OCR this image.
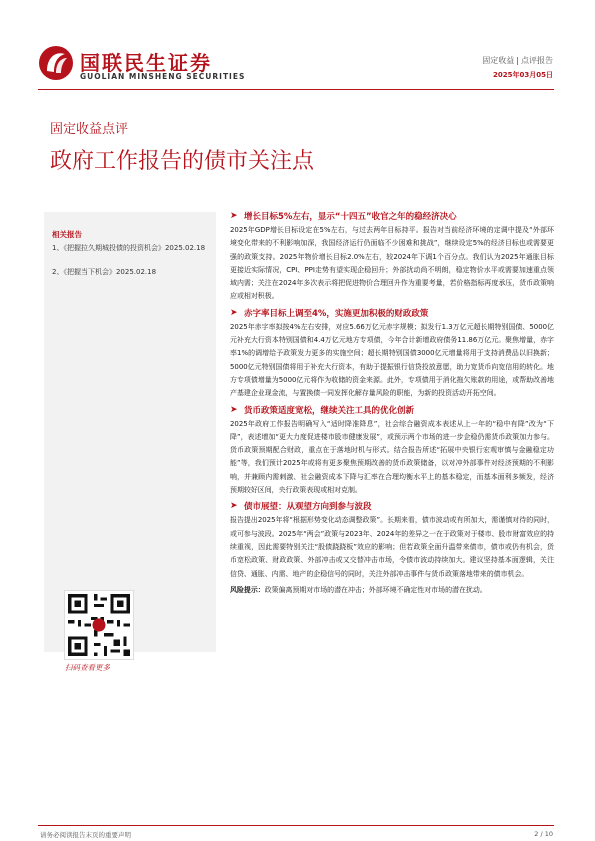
国联民生证券
GUOLIAN MINSHENG SECURITIES
固定收益 | 点评报告
2025年03月05日
固定收益点评
政府工作报告的债市关注点
相关报告
1、《把握拉久期城投债的投资机会》2025.02.18
2、《把握当下机会》2025.02.18
扫码查看更多
➤ 增长目标5%左右，显示“十四五”收官之年的稳经济决心
2025年GDP增长目标设定在5%左右，与过去两年目标持平。报告对当前经济环境的定调中提及“外部环境变化带来的不利影响加深，我国经济运行仍面临不少困难和挑战”，继续设定5%的经济目标也或需要更强的政策支持。2025年物价增长目标2.0%左右，较2024年下调1个百分点。我们认为2025年通胀目标更接近实际情况，CPI、PPI走势有望实现企稳回升；外部扰动尚不明朗，稳定物价水平或需要加速重点领域内需；关注在2024年多次表示将把促进物价合理回升作为重要考量，若价格指标再度承压，货币政策响应或相对积极。
➤ 赤字率目标上调至4%，实施更加积极的财政政策
2025年赤字率拟按4%左右安排，对应5.66万亿元赤字规模；拟发行1.3万亿元超长期特别国债、5000亿元补充大行资本特别国债和4.4万亿元地方专项债，今年合计新增政府债务11.86万亿元。聚焦增量，赤字率1%的调增给予政策发力更多的实施空间；超长期特别国债3000亿元增量将用于支持消费品以旧换新；5000亿元特别国债将用于补充大行资本，有助于提振银行信贷投放意愿，助力宽货币向宽信用的转化。地方专项债增量为5000亿元将作为收储的资金来源。此外，专项债用于消化拖欠账款的用途，或帮助改善地产基建企业现金流，与置换债一同发挥化解存量风险的职能，为新的投资活动开拓空间。
➤ 货币政策适度宽松，继续关注工具的优化创新
2025年政府工作报告明确写入“适时降准降息”，社会综合融资成本表述从上一年的“稳中有降”改为“下降”，表述增加“更大力度促进楼市股市健康发展”，或预示两个市场的进一步企稳仍需货币政策加力参与。货币政策预期配合财政，重点在于落地时机与形式。结合报告所述“拓展中央银行宏观审慎与金融稳定功能”等，我们预计2025年或将有更多聚焦预期改善的货币政策储备，以对冲外部事件对经济预期的不利影响，并兼顾内需刺激、社会融资成本下降与汇率在合理均衡水平上的基本稳定，而基本面利多频发，经济预期较好区间，央行政策表现或相对克制。
➤ 债市展望：从观望方向到参与波段
报告提出2025年将“根据形势变化动态调整政策”。长期来看，债市波动或有所加大，需谨慎对待的同时，或可参与波段。2025年“两会”政策与2023年、2024年的差异之一在于政策对于楼市、股市财富效应的持续重视，因此需要特别关注“股债跷跷板”效应的影响；但若政策全面升温带来债市，债市或仍有机会，货币宽松政策、财政政策、外部冲击或又交替冲击市场，令债市波动持续加大。建议坚持基本面逻辑，关注信贷、通胀、内需、地产的企稳信号的同时，关注外部冲击事件与货币政策落地带来的债市机会。
风险提示：政策偏离预期对市场的潜在冲击；外部环境不确定性对市场的潜在扰动。
请务必阅读报告末页的重要声明	2 / 10
